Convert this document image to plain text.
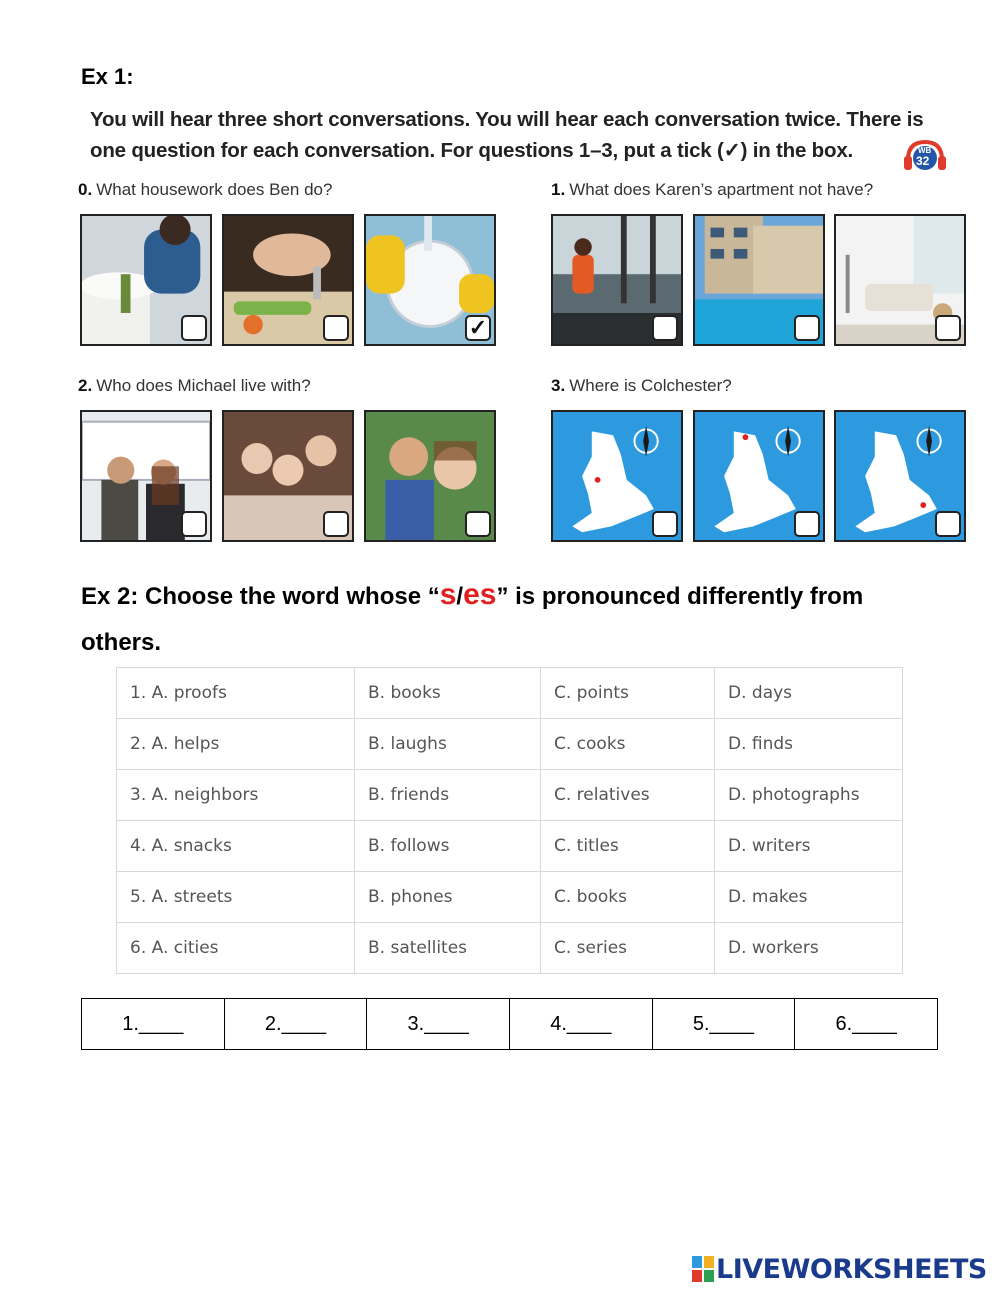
Ex 1:
You will hear three short conversations. You will hear each conversation twice. There is one question for each conversation. For questions 1–3, put a tick (✓) in the box.	WB
32
0. What housework does Ben do?
✓
1. What does Karen’s apartment not have?
2. Who does Michael live with?	3. Where is Colchester?
Ex 2: Choose the word whose “s/es” is pronounced differently from others.
1. A. proofs	B. books	C. points	D. days
2. A. helps	B. laughs	C. cooks	D. finds
3. A. neighbors	B. friends	C. relatives	D. photographs
4. A. snacks	B. follows	C. titles	D. writers
5. A. streets	B. phones	C. books	D. makes
6. A. cities	B. satellites	C. series	D. workers
1.____	2.____	3.____	4.____	5.____	6.____
LIVEWORKSHEETS
